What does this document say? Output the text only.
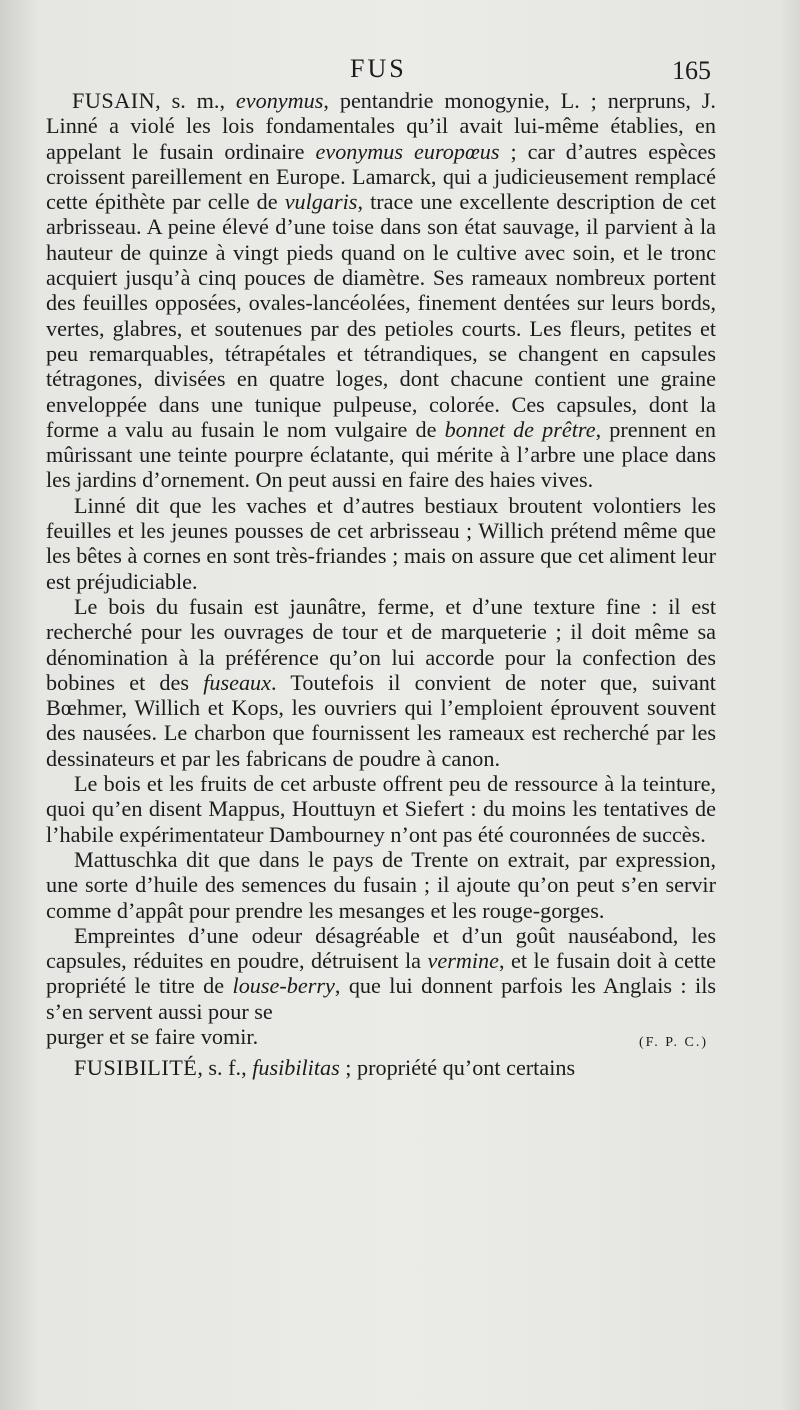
FUS	165

FUSAIN, s. m., evonymus, pentandrie monogynie, L. ; nerpruns, J. Linné a violé les lois fondamentales qu’il avait lui-même établies, en appelant le fusain ordinaire evonymus europœus ; car d’autres espèces croissent pareillement en Europe. Lamarck, qui a judicieusement remplacé cette épithète par celle de vulgaris, trace une excellente description de cet arbrisseau. A peine élevé d’une toise dans son état sauvage, il parvient à la hauteur de quinze à vingt pieds quand on le cultive avec soin, et le tronc acquiert jusqu’à cinq pouces de diamètre. Ses rameaux nombreux portent des feuilles opposées, ovales-lancéolées, finement dentées sur leurs bords, vertes, glabres, et soutenues par des petioles courts. Les fleurs, petites et peu remarquables, tétrapétales et tétrandiques, se changent en capsules tétragones, divisées en quatre loges, dont chacune contient une graine enveloppée dans une tunique pulpeuse, colorée. Ces capsules, dont la forme a valu au fusain le nom vulgaire de bonnet de prêtre, prennent en mûrissant une teinte pourpre éclatante, qui mérite à l’arbre une place dans les jardins d’ornement. On peut aussi en faire des haies vives.

Linné dit que les vaches et d’autres bestiaux broutent volontiers les feuilles et les jeunes pousses de cet arbrisseau ; Willich prétend même que les bêtes à cornes en sont très-friandes ; mais on assure que cet aliment leur est préjudiciable.

Le bois du fusain est jaunâtre, ferme, et d’une texture fine : il est recherché pour les ouvrages de tour et de marqueterie ; il doit même sa dénomination à la préférence qu’on lui accorde pour la confection des bobines et des fuseaux. Toutefois il convient de noter que, suivant Bœhmer, Willich et Kops, les ouvriers qui l’emploient éprouvent souvent des nausées. Le charbon que fournissent les rameaux est recherché par les dessinateurs et par les fabricans de poudre à canon.

Le bois et les fruits de cet arbuste offrent peu de ressource à la teinture, quoi qu’en disent Mappus, Houttuyn et Siefert : du moins les tentatives de l’habile expérimentateur Dambourney n’ont pas été couronnées de succès.

Mattuschka dit que dans le pays de Trente on extrait, par expression, une sorte d’huile des semences du fusain ; il ajoute qu’on peut s’en servir comme d’appât pour prendre les mesanges et les rouge-gorges.

Empreintes d’une odeur désagréable et d’un goût nauséabond, les capsules, réduites en poudre, détruisent la vermine, et le fusain doit à cette propriété le titre de louse-berry, que lui donnent parfois les Anglais : ils s’en servent aussi pour se

purger et se faire vomir.	(F. P. C.)

FUSIBILITÉ, s. f., fusibilitas ; propriété qu’ont certains
